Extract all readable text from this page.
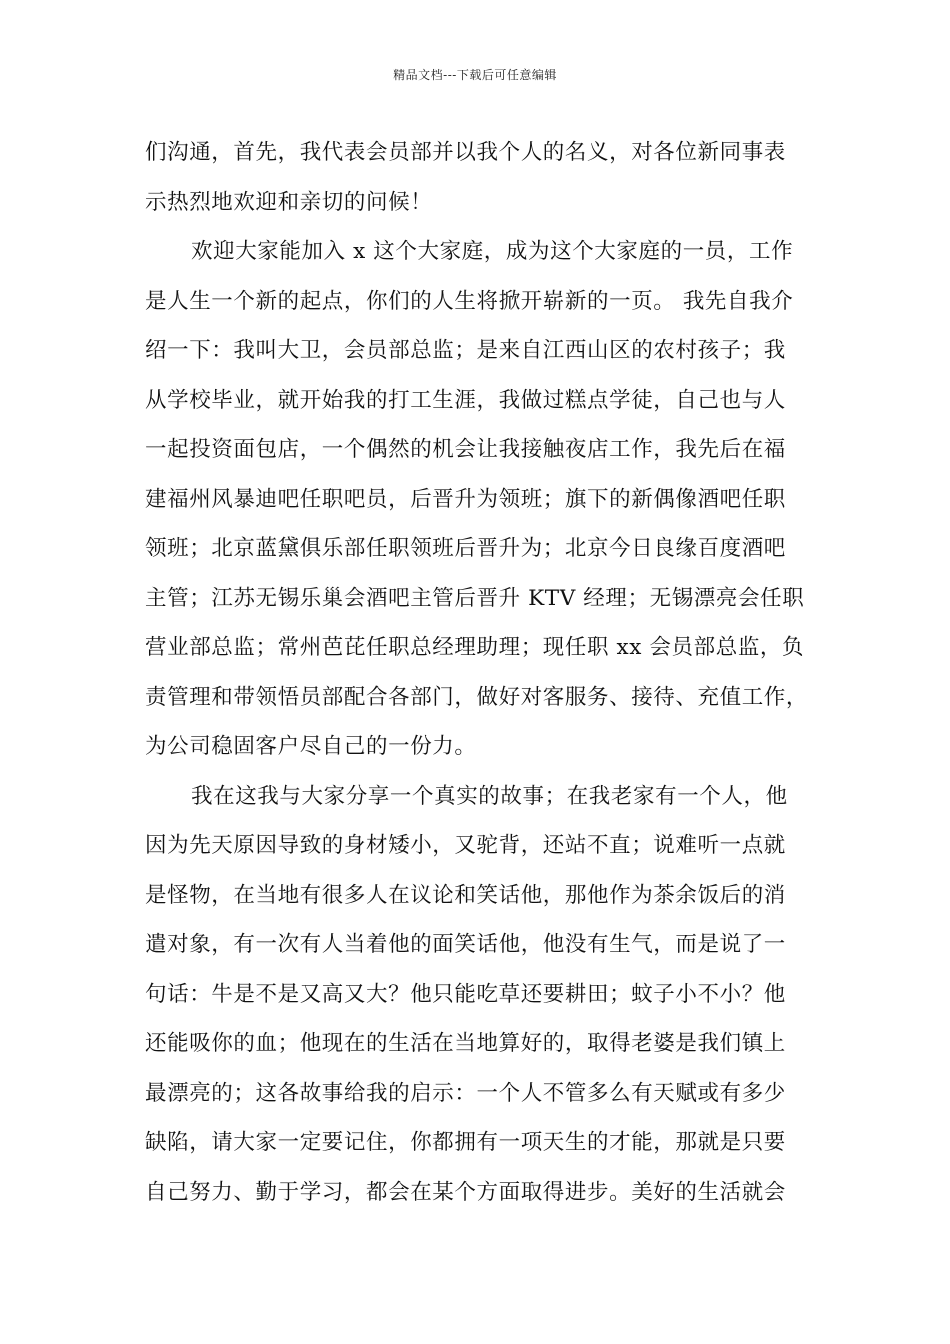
精品文档---下载后可任意编辑
们沟通，首先，我代表会员部并以我个人的名义，对各位新同事表
示热烈地欢迎和亲切的问候！
欢迎大家能加入 x 这个大家庭，成为这个大家庭的一员，工作
是人生一个新的起点，你们的人生将掀开崭新的一页。 我先自我介
绍一下：我叫大卫，会员部总监；是来自江西山区的农村孩子；我
从学校毕业，就开始我的打工生涯，我做过糕点学徒，自己也与人
一起投资面包店，一个偶然的机会让我接触夜店工作，我先后在福
建福州风暴迪吧任职吧员，后晋升为领班；旗下的新偶像酒吧任职
领班；北京蓝黛俱乐部任职领班后晋升为；北京今日良缘百度酒吧
主管；江苏无锡乐巢会酒吧主管后晋升 KTV 经理；无锡漂亮会任职
营业部总监；常州芭芘任职总经理助理；现任职 xx 会员部总监，负
责管理和带领悟员部配合各部门，做好对客服务、接待、充值工作，
为公司稳固客户尽自己的一份力。
我在这我与大家分享一个真实的故事；在我老家有一个人，他
因为先天原因导致的身材矮小，又驼背，还站不直；说难听一点就
是怪物，在当地有很多人在议论和笑话他，那他作为茶余饭后的消
遣对象，有一次有人当着他的面笑话他，他没有生气，而是说了一
句话：牛是不是又高又大？他只能吃草还要耕田；蚊子小不小？他
还能吸你的血；他现在的生活在当地算好的，取得老婆是我们镇上
最漂亮的；这各故事给我的启示：一个人不管多么有天赋或有多少
缺陷，请大家一定要记住，你都拥有一项天生的才能，那就是只要
自己努力、勤于学习，都会在某个方面取得进步。美好的生活就会
